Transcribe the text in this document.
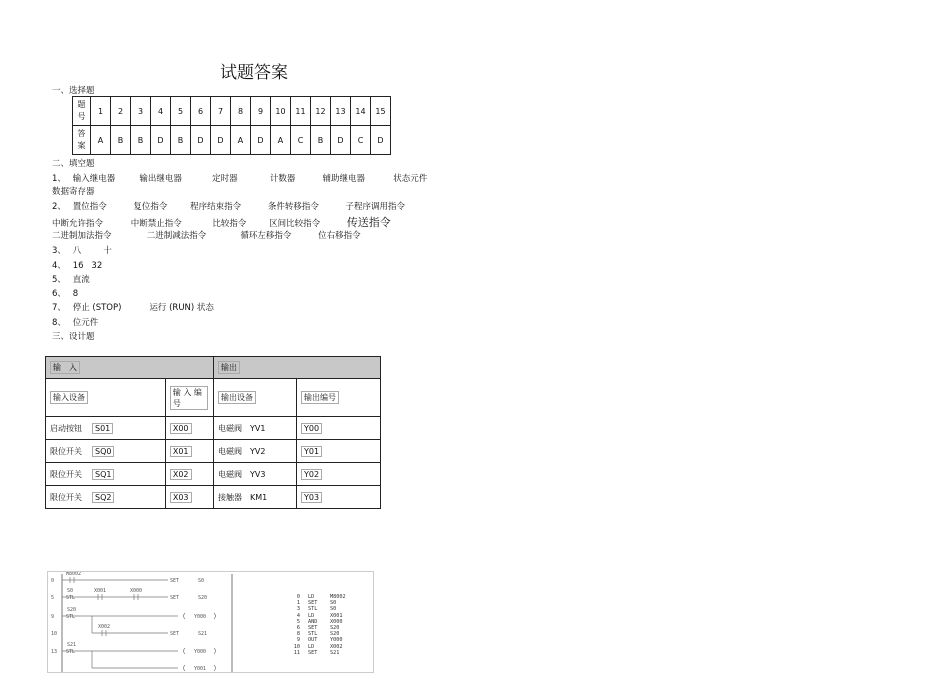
试题答案
一、选择题
题
号	1	2	3	4	5	6	7	8	9	10	11	12	13	14	15
答
案	A	B	B	D	B	D	D	A	D	A	C	B	D	C	D
二、填空题
1、 输入继电器	输出继电器	定时器	计数器	辅助继电器	状态元件
数据寄存器
2、 置位指令	复位指令	程序结束指令	条件转移指令	子程序调用指令
中断允许指令	中断禁止指令	比较指令	区间比较指令 传送指令
二进制加法指令	二进制减法指令	循环左移指令	位右移指令
3、 八	十
4、 16 32
5、 直流
6、 8
7、 停止 (STOP)	运行 (RUN) 状态
8、 位元件
三、设计题
输　入		输出	
输入设备	输 入 编 号	输出设备	输出编号
启动按钮 S01	X00	电磁阀 YV1	Y00
限位开关 SQ0	X01	电磁阀 YV2	Y01
限位开关 SQ1	X02	电磁阀 YV3	Y02
限位开关 SQ2	X03	接触器 KM1	Y03
0
5
9
10
13
M8002
SET	S0
STL
S0	X001	X000
SET	S20
STL
S20
Y000
X002
SET	S21
STL
S21
Y000
Y001
0 LD	M8002
1 SET S0
3 STL S0
4 LD	X001
5 AND X000
6 SET S20
8 STL S20
9 OUT Y000
10 LD	X002
11 SET S21
